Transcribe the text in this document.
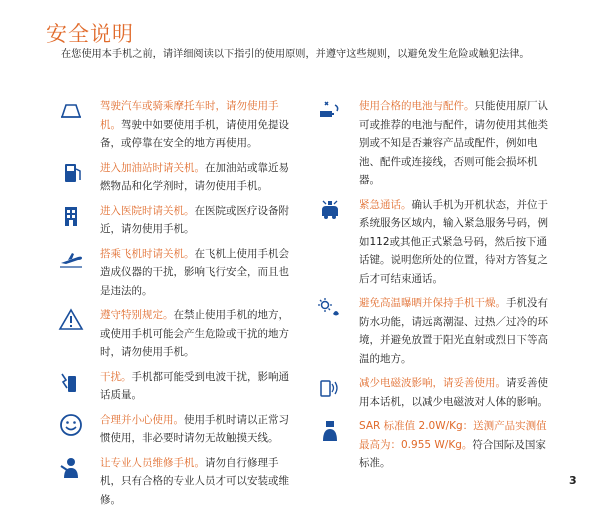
安全说明
在您使用本手机之前，请详细阅读以下指引的使用原则，并遵守这些规则，以避免发生危险或触犯法律。
驾驶汽车或骑乘摩托车时，请勿使用手机。驾驶中如要使用手机，请使用免提设备，或停靠在安全的地方再使用。
进入加油站时请关机。在加油站或靠近易燃物品和化学剂时，请勿使用手机。
进入医院时请关机。在医院或医疗设备附近，请勿使用手机。
搭乘飞机时请关机。在飞机上使用手机会造成仪器的干扰，影响飞行安全，而且也是违法的。
遵守特别规定。在禁止使用手机的地方，或使用手机可能会产生危险或干扰的地方时，请勿使用手机。
干扰。手机都可能受到电波干扰，影响通话质量。
合理并小心使用。使用手机时请以正常习惯使用，非必要时请勿无故触摸天线。
让专业人员维修手机。请勿自行修理手机，只有合格的专业人员才可以安装或维修。
使用合格的电池与配件。只能使用原厂认可或推荐的电池与配件，请勿使用其他类别或不知是否兼容产品或配件，例如电池、配件或连接线，否则可能会损坏机器。
紧急通话。确认手机为开机状态，并位于系统服务区域内，输入紧急服务号码，例如112或其他正式紧急号码，然后按下通话键。说明您所处的位置，待对方答复之后才可结束通话。
避免高温曝晒并保持手机干燥。手机没有防水功能，请远离潮湿、过热／过冷的环境，并避免放置于阳光直射或烈日下等高温的地方。
减少电磁波影响，请妥善使用。请妥善使用本话机，以减少电磁波对人体的影响。
SAR 标准值 2.0W/Kg：送测产品实测值最高为：0.955 W/Kg。符合国际及国家标准。
3
